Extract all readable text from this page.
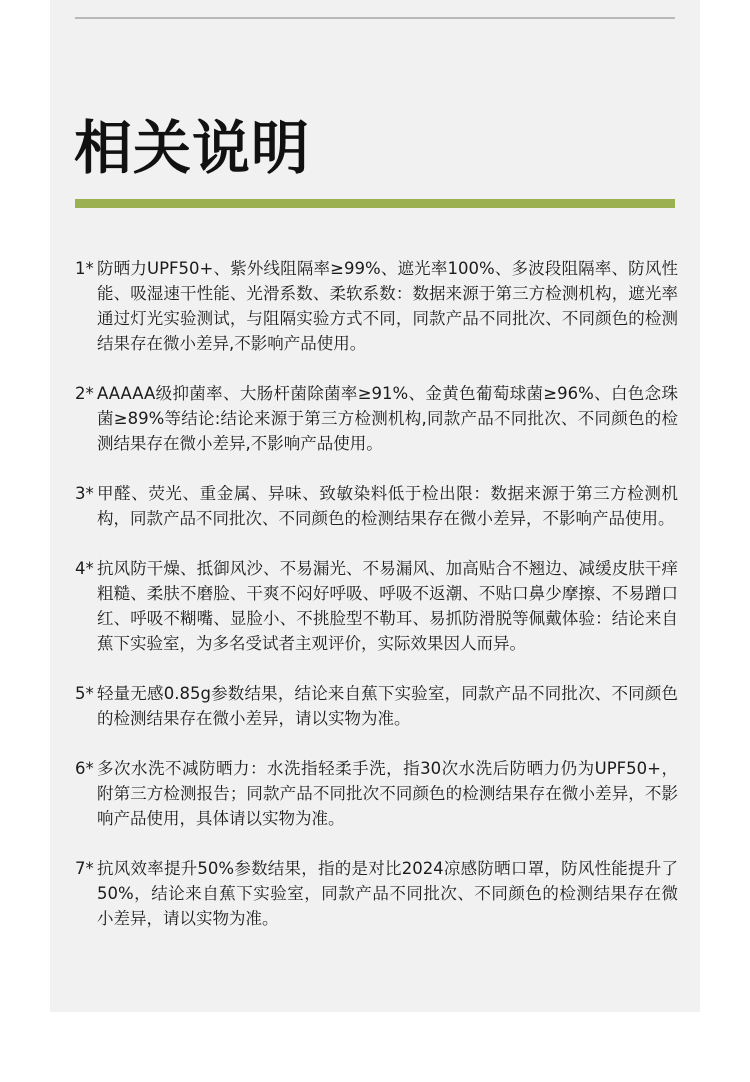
相关说明
1* 防晒力UPF50+、紫外线阻隔率≥99%、遮光率100%、多波段阻隔率、防风性能、吸湿速干性能、光滑系数、柔软系数：数据来源于第三方检测机构，遮光率通过灯光实验测试，与阻隔实验方式不同，同款产品不同批次、不同颜色的检测结果存在微小差异,不影响产品使用。
2* AAAAA级抑菌率、大肠杆菌除菌率≥91%、金黄色葡萄球菌≥96%、白色念珠菌≥89%等结论:结论来源于第三方检测机构,同款产品不同批次、不同颜色的检测结果存在微小差异,不影响产品使用。
3* 甲醛、荧光、重金属、异味、致敏染料低于检出限：数据来源于第三方检测机构，同款产品不同批次、不同颜色的检测结果存在微小差异，不影响产品使用。
4* 抗风防干燥、抵御风沙、不易漏光、不易漏风、加高贴合不翘边、减缓皮肤干痒粗糙、柔肤不磨脸、干爽不闷好呼吸、呼吸不返潮、不贴口鼻少摩擦、不易蹭口红、呼吸不糊嘴、显脸小、不挑脸型不勒耳、易抓防滑脱等佩戴体验：结论来自蕉下实验室，为多名受试者主观评价，实际效果因人而异。
5* 轻量无感0.85g参数结果，结论来自蕉下实验室，同款产品不同批次、不同颜色的检测结果存在微小差异，请以实物为准。
6* 多次水洗不减防晒力：水洗指轻柔手洗，指30次水洗后防晒力仍为UPF50+，附第三方检测报告；同款产品不同批次不同颜色的检测结果存在微小差异，不影响产品使用，具体请以实物为准。
7* 抗风效率提升50%参数结果，指的是对比2024凉感防晒口罩，防风性能提升了50%，结论来自蕉下实验室，同款产品不同批次、不同颜色的检测结果存在微小差异，请以实物为准。
